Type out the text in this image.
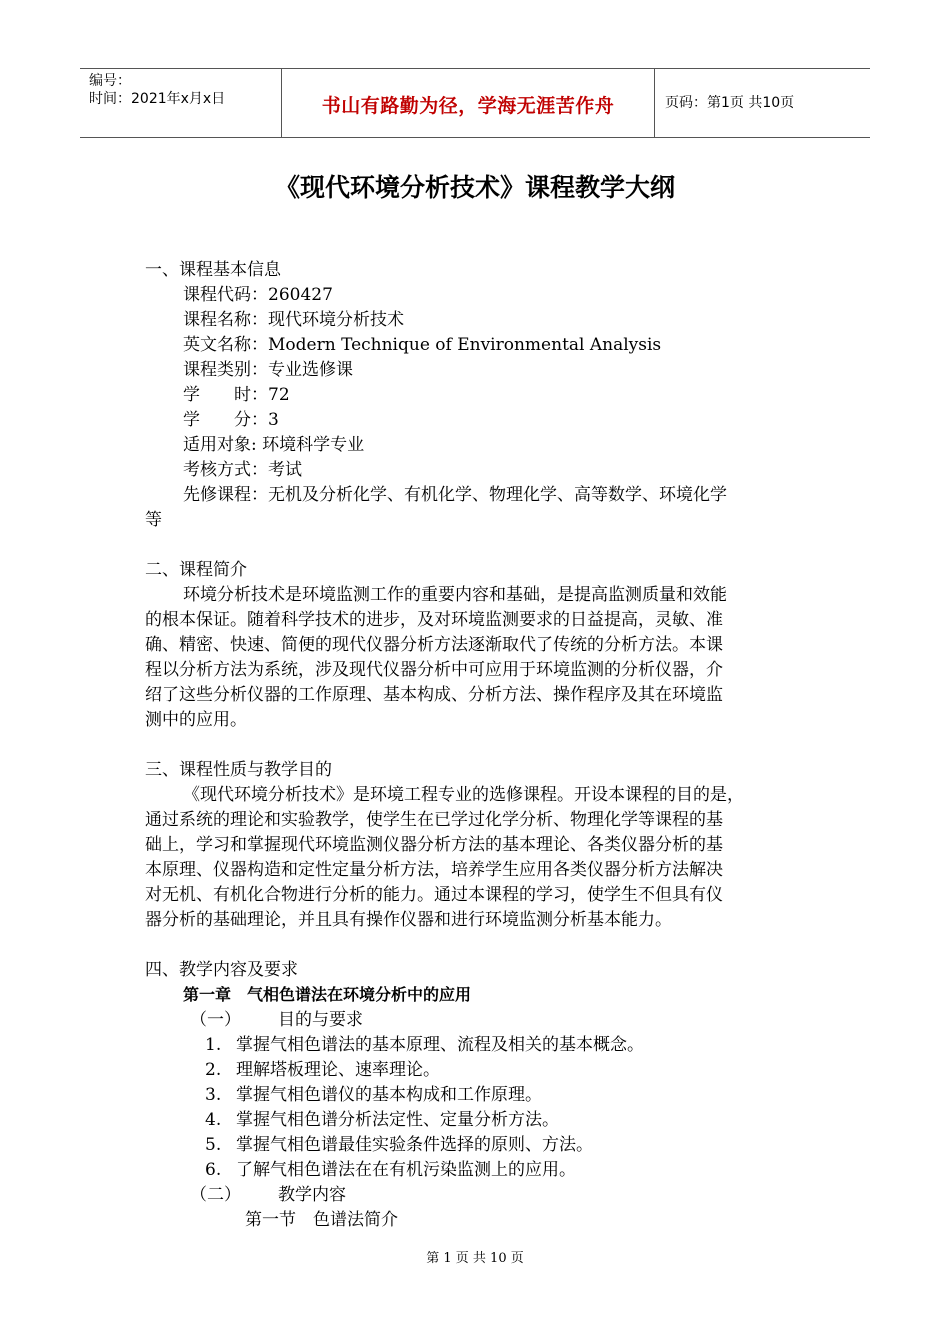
编号：
时间：2021年x月x日	书山有路勤为径，学海无涯苦作舟	页码：第1页 共10页
《现代环境分析技术》课程教学大纲
一、课程基本信息
课程代码：260427
课程名称：现代环境分析技术
英文名称：Modern Technique of Environmental Analysis
课程类别：专业选修课
学　　时：72
学　　分：3
适用对象: 环境科学专业
考核方式：考试
先修课程：无机及分析化学、有机化学、物理化学、高等数学、环境化学
等
二、课程简介
环境分析技术是环境监测工作的重要内容和基础，是提高监测质量和效能
的根本保证。随着科学技术的进步，及对环境监测要求的日益提高，灵敏、准
确、精密、快速、简便的现代仪器分析方法逐渐取代了传统的分析方法。本课
程以分析方法为系统，涉及现代仪器分析中可应用于环境监测的分析仪器，介
绍了这些分析仪器的工作原理、基本构成、分析方法、操作程序及其在环境监
测中的应用。
三、课程性质与教学目的
《现代环境分析技术》是环境工程专业的选修课程。开设本课程的目的是，
通过系统的理论和实验教学，使学生在已学过化学分析、物理化学等课程的基
础上，学习和掌握现代环境监测仪器分析方法的基本理论、各类仪器分析的基
本原理、仪器构造和定性定量分析方法，培养学生应用各类仪器分析方法解决
对无机、有机化合物进行分析的能力。通过本课程的学习，使学生不但具有仪
器分析的基础理论，并且具有操作仪器和进行环境监测分析基本能力。
四、教学内容及要求
第一章　气相色谱法在环境分析中的应用
（一） 目的与要求
1. 掌握气相色谱法的基本原理、流程及相关的基本概念。
2. 理解塔板理论、速率理论。
3. 掌握气相色谱仪的基本构成和工作原理。
4. 掌握气相色谱分析法定性、定量分析方法。
5. 掌握气相色谱最佳实验条件选择的原则、方法。
6. 了解气相色谱法在在有机污染监测上的应用。
（二） 教学内容
第一节　色谱法简介
第 1 页 共 10 页
